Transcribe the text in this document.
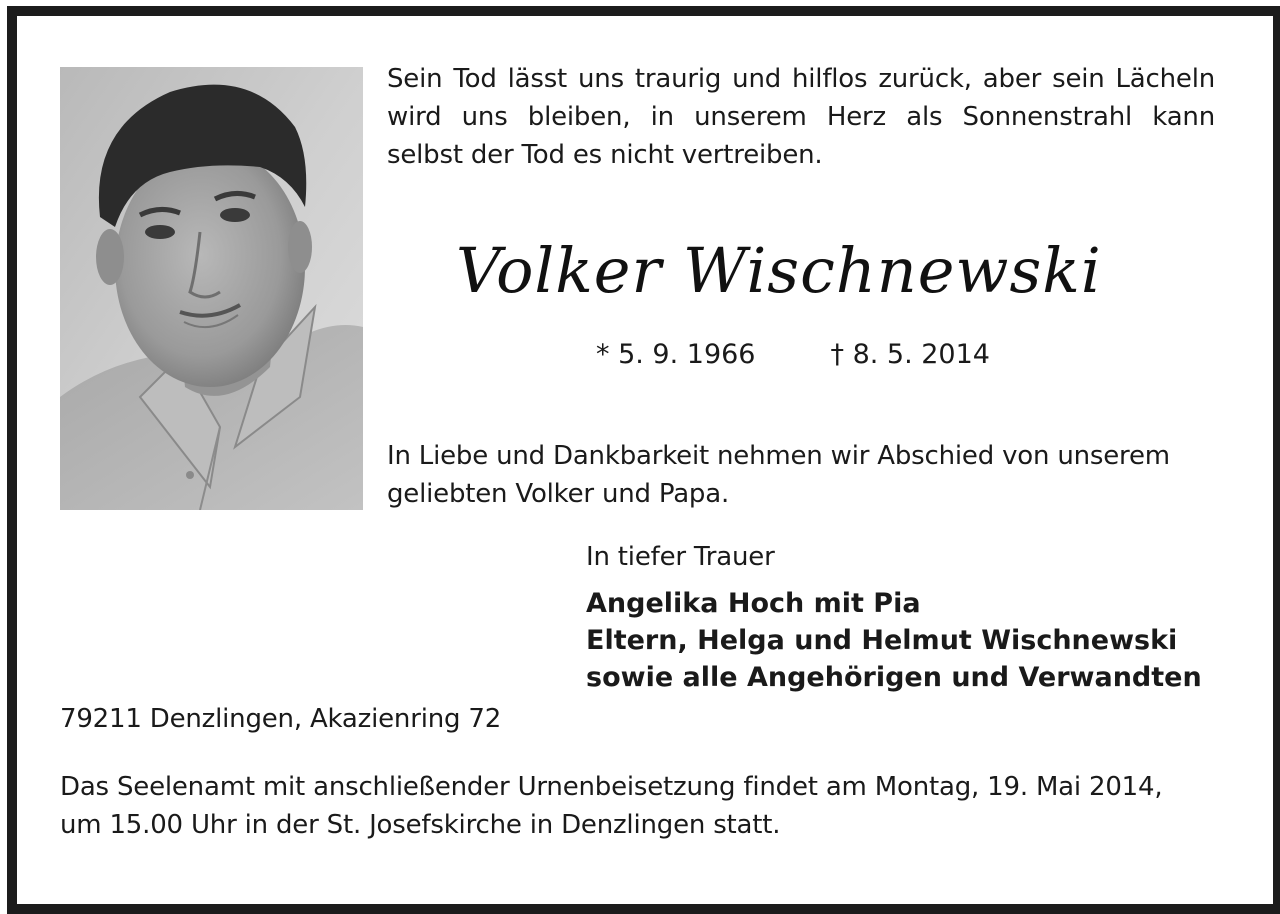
Sein Tod lässt uns traurig und hilflos zurück, aber sein Lächeln
wird uns bleiben, in unserem Herz als Sonnenstrahl kann
selbst der Tod es nicht vertreiben.
Volker Wischnewski
* 5. 9. 1966	† 8. 5. 2014
In Liebe und Dankbarkeit nehmen wir Abschied von unserem
geliebten Volker und Papa.
In tiefer Trauer
Angelika Hoch mit Pia
Eltern, Helga und Helmut Wischnewski
sowie alle Angehörigen und Verwandten
79211 Denzlingen, Akazienring 72
Das Seelenamt mit anschließender Urnenbeisetzung findet am Montag, 19. Mai 2014,
um 15.00 Uhr in der St. Josefskirche in Denzlingen statt.
